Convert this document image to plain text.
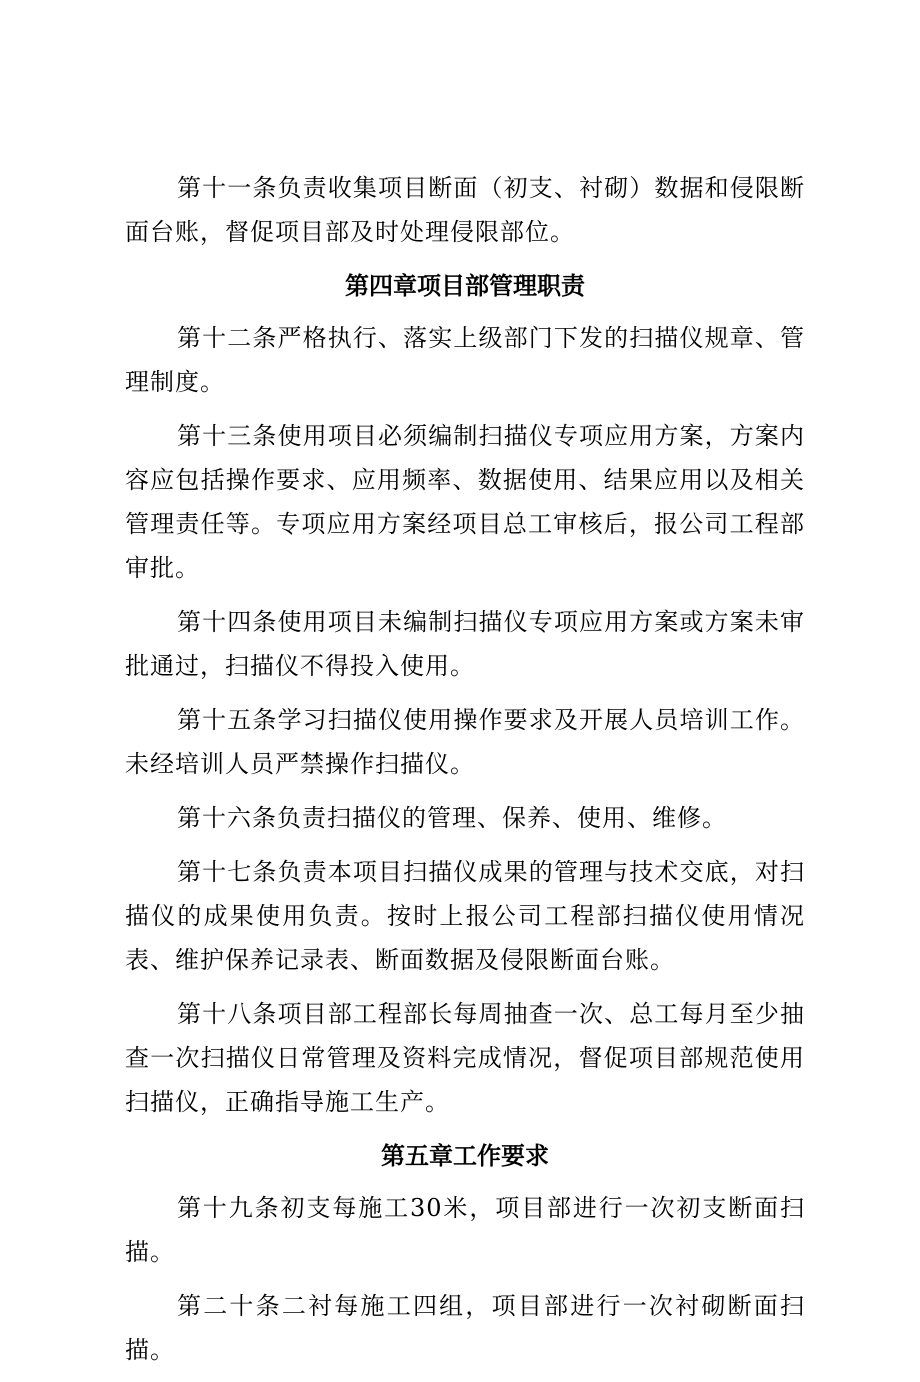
第十一条负责收集项目断面（初支、衬砌）数据和侵限断面台账，督促项目部及时处理侵限部位。

第四章项目部管理职责

第十二条严格执行、落实上级部门下发的扫描仪规章、管理制度。

第十三条使用项目必须编制扫描仪专项应用方案，方案内容应包括操作要求、应用频率、数据使用、结果应用以及相关管理责任等。专项应用方案经项目总工审核后，报公司工程部审批。

第十四条使用项目未编制扫描仪专项应用方案或方案未审批通过，扫描仪不得投入使用。

第十五条学习扫描仪使用操作要求及开展人员培训工作。未经培训人员严禁操作扫描仪。

第十六条负责扫描仪的管理、保养、使用、维修。

第十七条负责本项目扫描仪成果的管理与技术交底，对扫描仪的成果使用负责。按时上报公司工程部扫描仪使用情况表、维护保养记录表、断面数据及侵限断面台账。

第十八条项目部工程部长每周抽查一次、总工每月至少抽查一次扫描仪日常管理及资料完成情况，督促项目部规范使用扫描仪，正确指导施工生产。

第五章工作要求

第十九条初支每施工30米，项目部进行一次初支断面扫描。

第二十条二衬每施工四组，项目部进行一次衬砌断面扫描。
